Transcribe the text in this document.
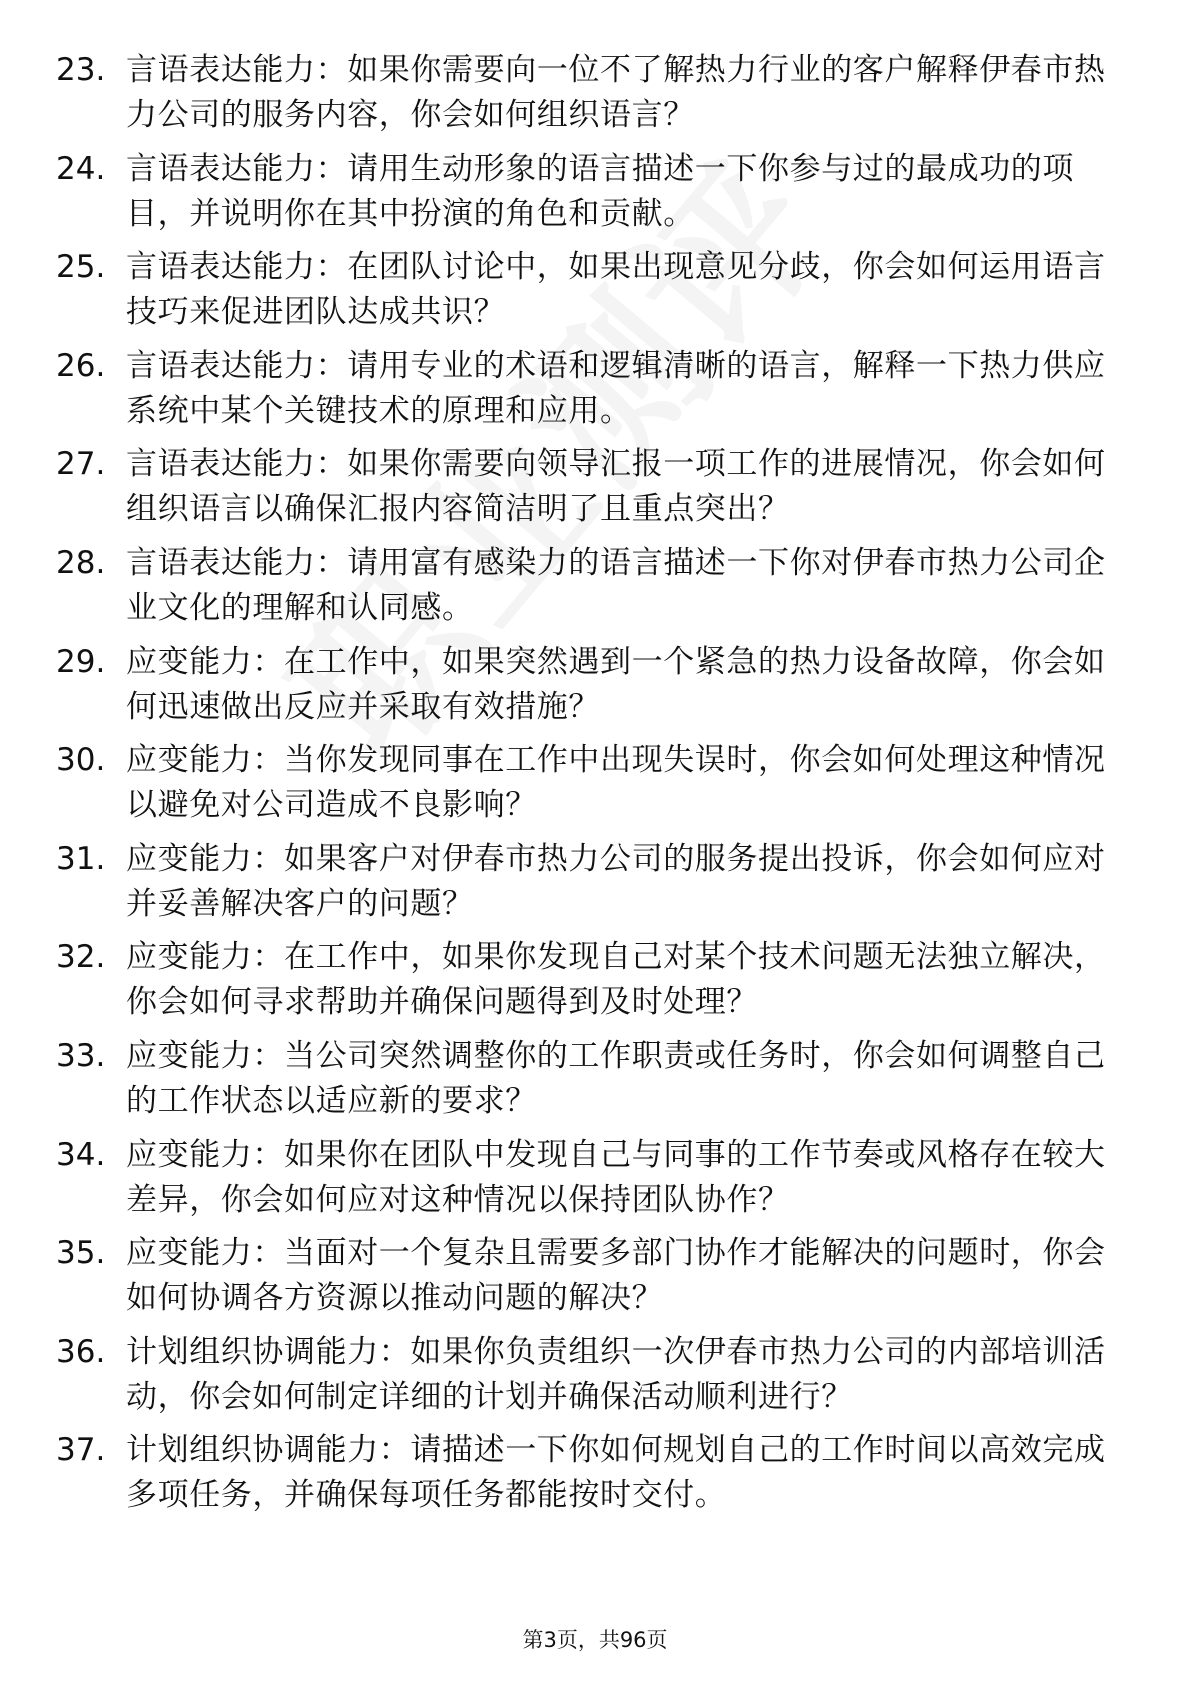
23. 言语表达能力：如果你需要向一位不了解热力行业的客户解释伊春市热力公司的服务内容，你会如何组织语言？
24. 言语表达能力：请用生动形象的语言描述一下你参与过的最成功的项目，并说明你在其中扮演的角色和贡献。
25. 言语表达能力：在团队讨论中，如果出现意见分歧，你会如何运用语言技巧来促进团队达成共识？
26. 言语表达能力：请用专业的术语和逻辑清晰的语言，解释一下热力供应系统中某个关键技术的原理和应用。
27. 言语表达能力：如果你需要向领导汇报一项工作的进展情况，你会如何组织语言以确保汇报内容简洁明了且重点突出？
28. 言语表达能力：请用富有感染力的语言描述一下你对伊春市热力公司企业文化的理解和认同感。
29. 应变能力：在工作中，如果突然遇到一个紧急的热力设备故障，你会如何迅速做出反应并采取有效措施？
30. 应变能力：当你发现同事在工作中出现失误时，你会如何处理这种情况以避免对公司造成不良影响？
31. 应变能力：如果客户对伊春市热力公司的服务提出投诉，你会如何应对并妥善解决客户的问题？
32. 应变能力：在工作中，如果你发现自己对某个技术问题无法独立解决，你会如何寻求帮助并确保问题得到及时处理？
33. 应变能力：当公司突然调整你的工作职责或任务时，你会如何调整自己的工作状态以适应新的要求？
34. 应变能力：如果你在团队中发现自己与同事的工作节奏或风格存在较大差异，你会如何应对这种情况以保持团队协作？
35. 应变能力：当面对一个复杂且需要多部门协作才能解决的问题时，你会如何协调各方资源以推动问题的解决？
36. 计划组织协调能力：如果你负责组织一次伊春市热力公司的内部培训活动，你会如何制定详细的计划并确保活动顺利进行？
37. 计划组织协调能力：请描述一下你如何规划自己的工作时间以高效完成多项任务，并确保每项任务都能按时交付。
第3页，共96页
